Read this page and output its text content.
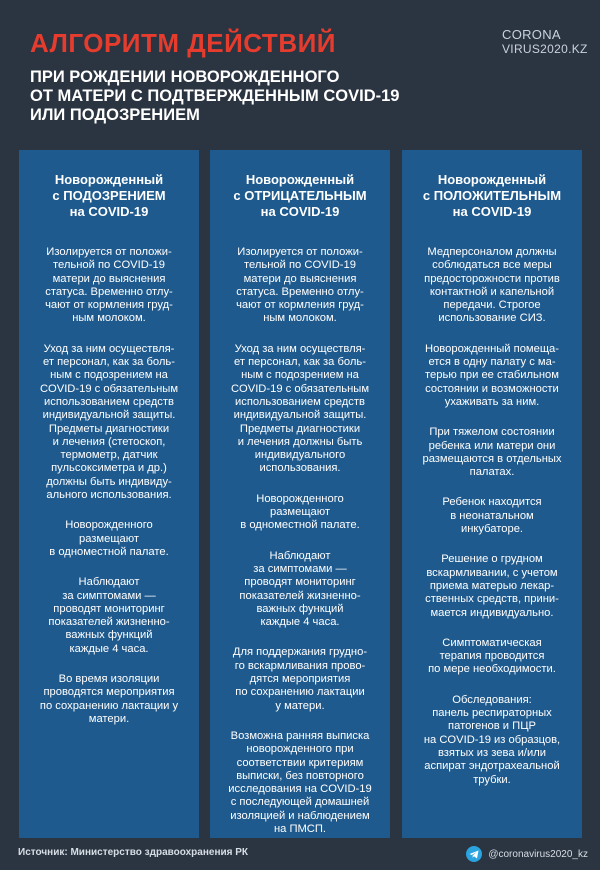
АЛГОРИТМ ДЕЙСТВИЙ	CORONA
VIRUS2020.KZ
ПРИ РОЖДЕНИИ НОВОРОЖДЕННОГО
ОТ МАТЕРИ С ПОДТВЕРЖДЕННЫМ COVID-19
ИЛИ ПОДОЗРЕНИЕМ
Новорожденный
с ПОДОЗРЕНИЕМ
на COVID-19

Изолируется от положи-
тельной по COVID-19
матери до выяснения
статуса. Временно отлу-
чают от кормления груд-
ным молоком.

Уход за ним осуществля-
ет персонал, как за боль-
ным с подозрением на
COVID-19 с обязательным
использованием средств
индивидуальной защиты.
Предметы диагностики
и лечения (стетоскоп,
термометр, датчик
пульсоксиметра и др.)
должны быть индивиду-
ального использования.

Новорожденного
размещают
в одноместной палате.

Наблюдают
за симптомами —
проводят мониторинг
показателей жизненно-
важных функций
каждые 4 часа.

Во время изоляции
проводятся мероприятия
по сохранению лактации у
матери.

Новорожденный
с ОТРИЦАТЕЛЬНЫМ
на COVID-19

Изолируется от положи-
тельной по COVID-19
матери до выяснения
статуса. Временно отлу-
чают от кормления груд-
ным молоком.

Уход за ним осуществля-
ет персонал, как за боль-
ным с подозрением на
COVID-19 с обязательным
использованием средств
индивидуальной защиты.
Предметы диагностики
и лечения должны быть
индивидуального
использования.

Новорожденного
размещают
в одноместной палате.

Наблюдают
за симптомами —
проводят мониторинг
показателей жизненно-
важных функций
каждые 4 часа.

Для поддержания грудно-
го вскармливания прово-
дятся мероприятия
по сохранению лактации
у матери.

Возможна ранняя выписка
новорожденного при
соответствии критериям
выписки, без повторного
исследования на COVID-19
с последующей домашней
изоляцией и наблюдением
на ПМСП.

Новорожденный
с ПОЛОЖИТЕЛЬНЫМ
на COVID-19

Медперсоналом должны
соблюдаться все меры
предосторожности против
контактной и капельной
передачи. Строгое
использование СИЗ.

Новорожденный помеща-
ется в одну палату с ма-
терью при ее стабильном
состоянии и возможности
ухаживать за ним.

При тяжелом состоянии
ребенка или матери они
размещаются в отдельных
палатах.

Ребенок находится
в неонатальном
инкубаторе.

Решение о грудном
вскармливании, с учетом
приема матерью лекар-
ственных средств, прини-
мается индивидуально.

Симптоматическая
терапия проводится
по мере необходимости.

Обследования:
панель респираторных
патогенов и ПЦР
на COVID-19 из образцов,
взятых из зева и/или
аспират эндотрахеальной
трубки.

Источник: Министерство здравоохранения РК	@coronavirus2020_kz
